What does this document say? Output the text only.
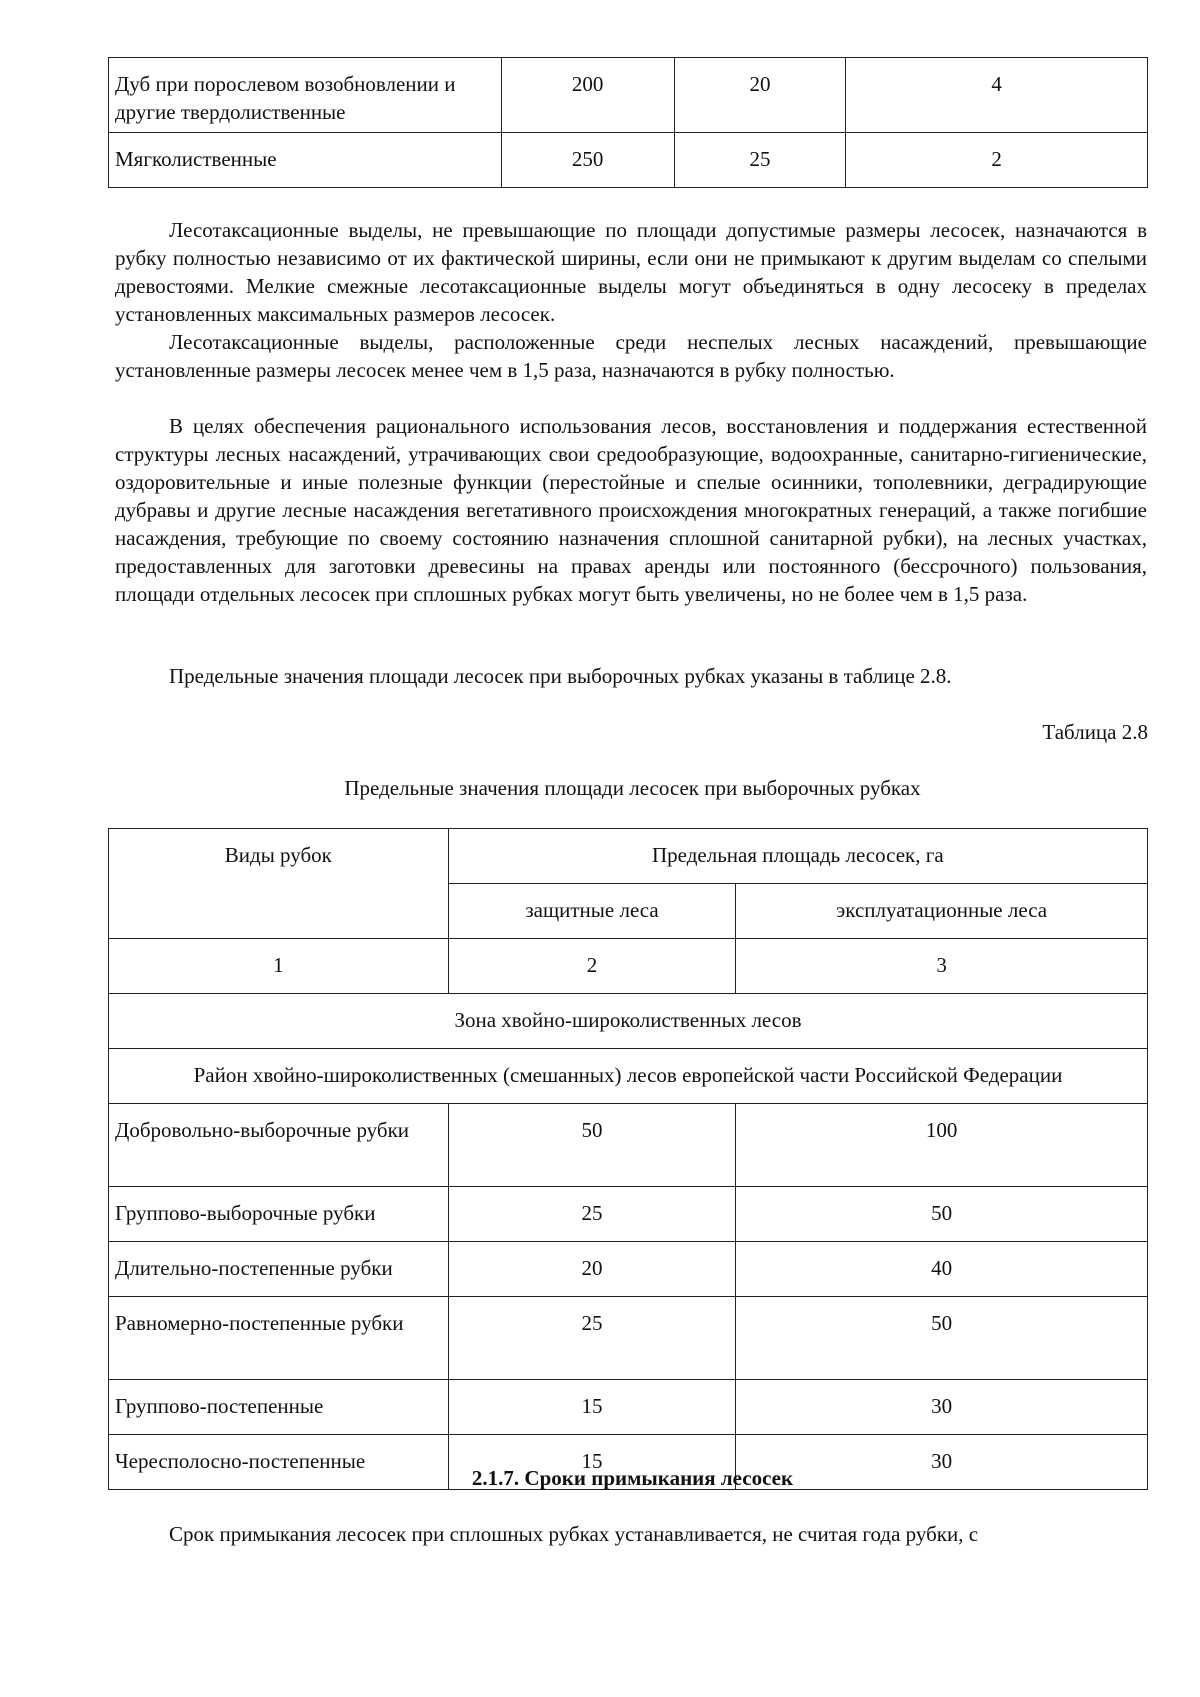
Дуб при порослевом возобновлении и другие твердолиственные	200	20	4
Мягколиственные	250	25	2

Лесотаксационные выделы, не превышающие по площади допустимые размеры лесосек, назначаются в рубку полностью независимо от их фактической ширины, если они не примыкают к другим выделам со спелыми древостоями. Мелкие смежные лесотаксационные выделы могут объединяться в одну лесосеку в пределах установленных максимальных размеров лесосек.

Лесотаксационные выделы, расположенные среди неспелых лесных насаждений, превышающие установленные размеры лесосек менее чем в 1,5 раза, назначаются в рубку полностью.

В целях обеспечения рационального использования лесов, восстановления и поддержания естественной структуры лесных насаждений, утрачивающих свои средообразующие, водоохранные, санитарно-гигиенические, оздоровительные и иные полезные функции (перестойные и спелые осинники, тополевники, деградирующие дубравы и другие лесные насаждения вегетативного происхождения многократных генераций, а также погибшие насаждения, требующие по своему состоянию назначения сплошной санитарной рубки), на лесных участках, предоставленных для заготовки древесины на правах аренды или постоянного (бессрочного) пользования, площади отдельных лесосек при сплошных рубках могут быть увеличены, но не более чем в 1,5 раза.

Предельные значения площади лесосек при выборочных рубках указаны в таблице 2.8.

Таблица 2.8
Предельные значения площади лесосек при выборочных рубках
Виды рубок	Предельная площадь лесосек, га	
	защитные леса	эксплуатационные леса
1	2	3
Зона хвойно-широколиственных лесов		
Район хвойно-широколиственных (смешанных) лесов европейской части Российской Федерации		
Добровольно-выборочные рубки	50	100
Группово-выборочные рубки	25	50
Длительно-постепенные рубки	20	40
Равномерно-постепенные рубки	25	50
Группово-постепенные	15	30
Чересполосно-постепенные	15	30
2.1.7. Сроки примыкания лесосек

Срок примыкания лесосек при сплошных рубках устанавливается, не считая года рубки, с
